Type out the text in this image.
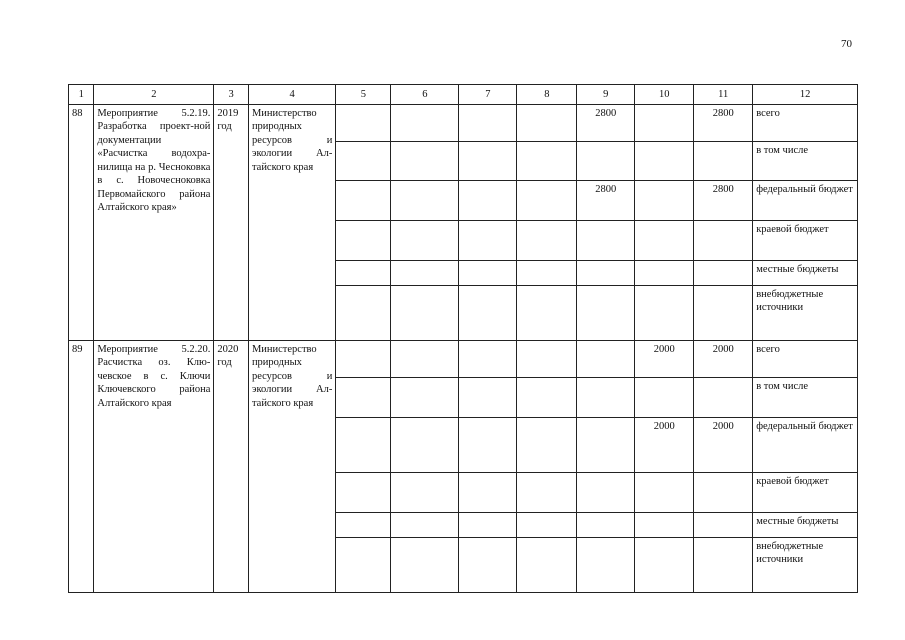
70
1	2	3	4	5	6	7	8	9	10	11	12
88	Мероприятие 5.2.19. Разработка проект-ной документации «Расчистка водохра-нилища на р. Чесноковка в с. Новочесноковка Первомайского района Алтайского края»	2019 год	Министерство природных ресурсов и экологии Ал-тайского края					2800		2800	всего
											в том числе
								2800		2800	федеральный бюджет
											краевой бюджет
											местные бюджеты
											внебюджетные источники
89	Мероприятие 5.2.20. Расчистка оз. Клю-чевское в с. Ключи Ключевского района Алтайского края	2020 год	Министерство природных ресурсов и экологии Ал-тайского края						2000	2000	всего
											в том числе
									2000	2000	федеральный бюджет
											краевой бюджет
											местные бюджеты
											внебюджетные источники
